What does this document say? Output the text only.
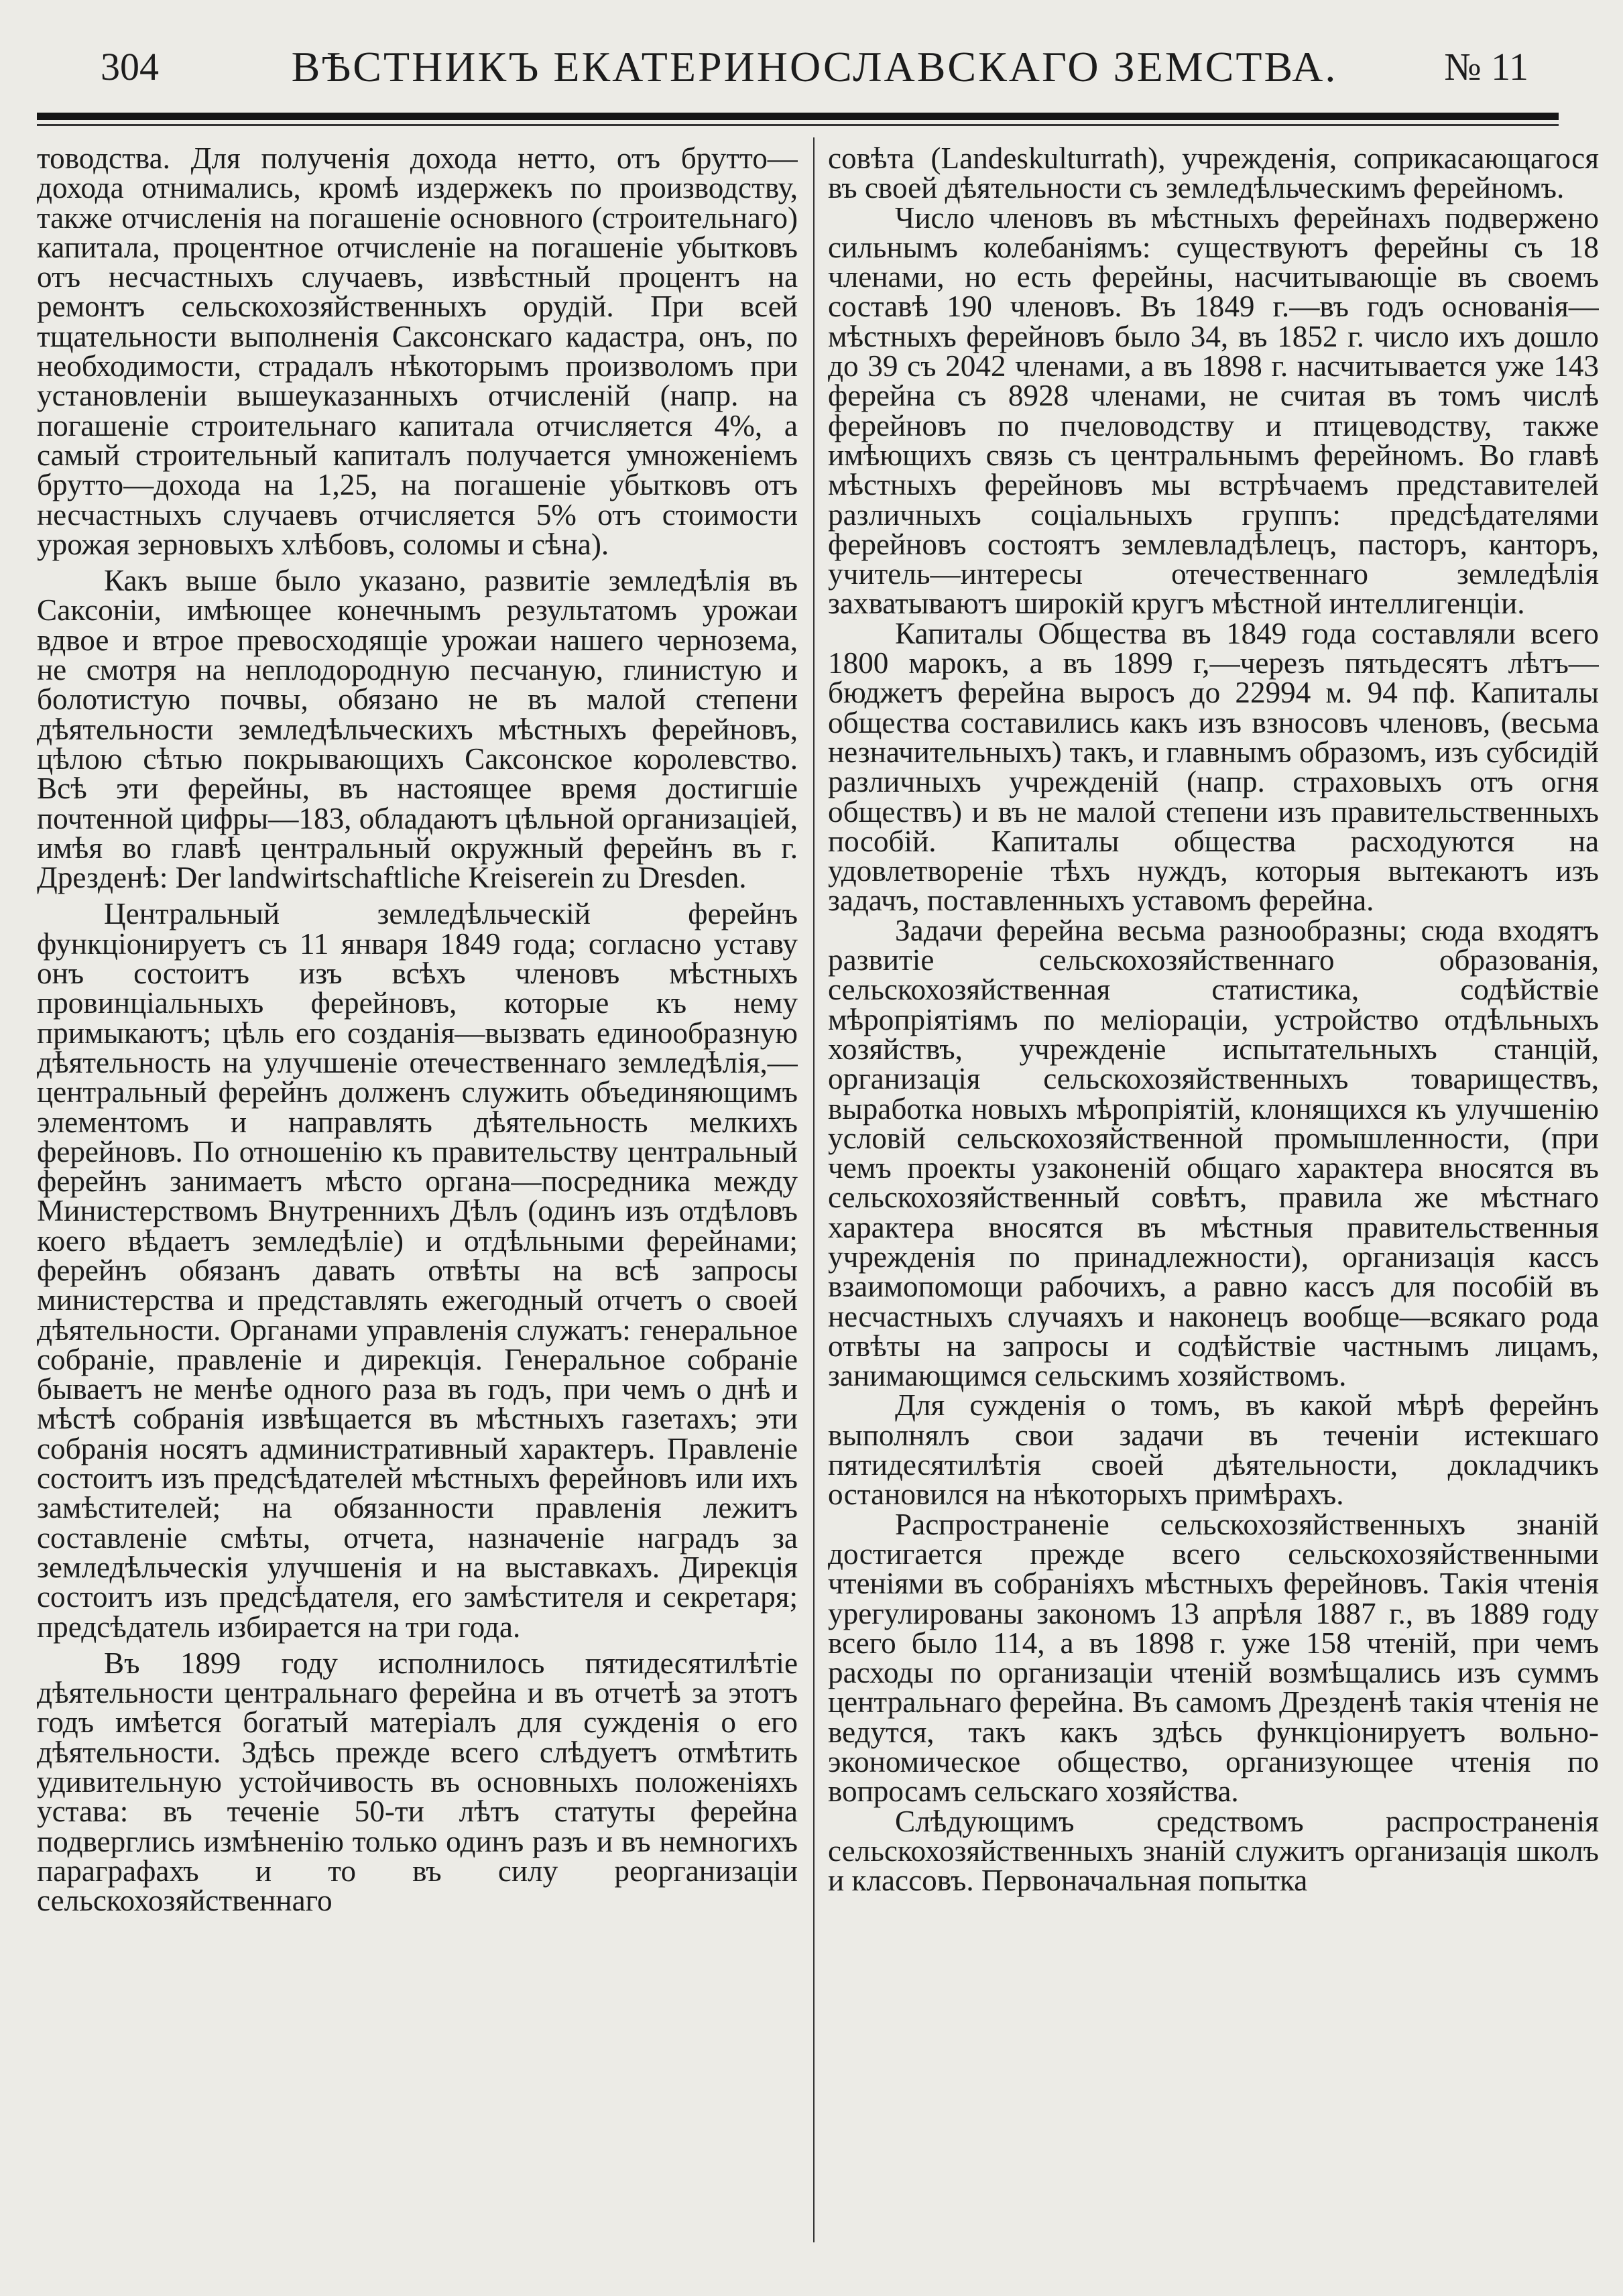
304	ВѢСТНИКЪ ЕКАТЕРИНОСЛАВСКАГО ЗЕМСТВА.	№ 11

товодства. Для полученія дохода нетто, отъ брутто—дохода отнимались, кромѣ издержекъ по производству, также отчисленія на погашеніе основного (строительнаго) капитала, процентное отчисленіе на погашеніе убытковъ отъ несчастныхъ случаевъ, извѣстный процентъ на ремонтъ сельскохозяйственныхъ орудій. При всей тщательности выполненія Саксонскаго кадастра, онъ, по необходимости, страдалъ нѣкоторымъ произволомъ при установленіи вышеуказанныхъ отчисленій (напр. на погашеніе строительнаго капитала отчисляется 4%, а самый строительный капиталъ получается умноженіемъ брутто—дохода на 1,25, на погашеніе убытковъ отъ несчастныхъ случаевъ отчисляется 5% отъ стоимости урожая зерновыхъ хлѣбовъ, соломы и сѣна).

Какъ выше было указано, развитіе земледѣлія въ Саксоніи, имѣющее конечнымъ результатомъ урожаи вдвое и втрое превосходящіе урожаи нашего чернозема, не смотря на неплодородную песчаную, глинистую и болотистую почвы, обязано не въ малой степени дѣятельности земледѣльческихъ мѣстныхъ ферейновъ, цѣлою сѣтью покрывающихъ Саксонское королевство. Всѣ эти ферейны, въ настоящее время достигшіе почтенной цифры—183, обладаютъ цѣльной организаціей, имѣя во главѣ центральный окружный ферейнъ въ г. Дрезденѣ: Der landwirtschaftliche Kreiserein zu Dresden.

Центральный земледѣльческій ферейнъ функціонируетъ съ 11 января 1849 года; согласно уставу онъ состоитъ изъ всѣхъ членовъ мѣстныхъ провинціальныхъ ферейновъ, которые къ нему примыкаютъ; цѣль его созданія—вызвать единообразную дѣятельность на улучшеніе отечественнаго земледѣлія,—центральный ферейнъ долженъ служить объединяющимъ элементомъ и направлять дѣятельность мелкихъ ферейновъ. По отношенію къ правительству центральный ферейнъ занимаетъ мѣсто органа—посредника между Министерствомъ Внутреннихъ Дѣлъ (одинъ изъ отдѣловъ коего вѣдаетъ земледѣліе) и отдѣльными ферейнами; ферейнъ обязанъ давать отвѣты на всѣ запросы министерства и представлять ежегодный отчетъ о своей дѣятельности. Органами управленія служатъ: генеральное собраніе, правленіе и дирекція. Генеральное собраніе бываетъ не менѣе одного раза въ годъ, при чемъ о днѣ и мѣстѣ собранія извѣщается въ мѣстныхъ газетахъ; эти собранія носятъ административный характеръ. Правленіе состоитъ изъ предсѣдателей мѣстныхъ ферейновъ или ихъ замѣстителей; на обязанности правленія лежитъ составленіе смѣты, отчета, назначеніе наградъ за земледѣльческія улучшенія и на выставкахъ. Дирекція состоитъ изъ предсѣдателя, его замѣстителя и секретаря; предсѣдатель избирается на три года.

Въ 1899 году исполнилось пятидесятилѣтіе дѣятельности центральнаго ферейна и въ отчетѣ за этотъ годъ имѣется богатый матеріалъ для сужденія о его дѣятельности. Здѣсь прежде всего слѣдуетъ отмѣтить удивительную устойчивость въ основныхъ положеніяхъ устава: въ теченіе 50-ти лѣтъ статуты ферейна подверглись измѣненію только одинъ разъ и въ немногихъ параграфахъ и то въ силу реорганизаціи сельскохозяйственнаго

совѣта (Landeskulturrath), учрежденія, соприкасающагося въ своей дѣятельности съ земледѣльческимъ ферейномъ.

Число членовъ въ мѣстныхъ ферейнахъ подвержено сильнымъ колебаніямъ: существуютъ ферейны съ 18 членами, но есть ферейны, насчитывающіе въ своемъ составѣ 190 членовъ. Въ 1849 г.—въ годъ основанія—мѣстныхъ ферейновъ было 34, въ 1852 г. число ихъ дошло до 39 съ 2042 членами, а въ 1898 г. насчитывается уже 143 ферейна съ 8928 членами, не считая въ томъ числѣ ферейновъ по пчеловодству и птицеводству, также имѣющихъ связь съ центральнымъ ферейномъ. Во главѣ мѣстныхъ ферейновъ мы встрѣчаемъ представителей различныхъ соціальныхъ группъ: предсѣдателями ферейновъ состоятъ землевладѣлецъ, пасторъ, канторъ, учитель—интересы отечественнаго земледѣлія захватываютъ широкій кругъ мѣстной интеллигенціи.

Капиталы Общества въ 1849 года составляли всего 1800 марокъ, а въ 1899 г,—черезъ пятьдесятъ лѣтъ—бюджетъ ферейна выросъ до 22994 м. 94 пф. Капиталы общества составились какъ изъ взносовъ членовъ, (весьма незначительныхъ) такъ, и главнымъ образомъ, изъ субсидій различныхъ учрежденій (напр. страховыхъ отъ огня обществъ) и въ не малой степени изъ правительственныхъ пособій. Капиталы общества расходуются на удовлетвореніе тѣхъ нуждъ, которыя вытекаютъ изъ задачъ, поставленныхъ уставомъ ферейна.

Задачи ферейна весьма разнообразны; сюда входятъ развитіе сельскохозяйственнаго образованія, сельскохозяйственная статистика, содѣйствіе мѣропріятіямъ по меліораціи, устройство отдѣльныхъ хозяйствъ, учрежденіе испытательныхъ станцій, организація сельскохозяйственныхъ товариществъ, выработка новыхъ мѣропріятій, клонящихся къ улучшенію условій сельскохозяйственной промышленности, (при чемъ проекты узаконеній общаго характера вносятся въ сельскохозяйственный совѣтъ, правила же мѣстнаго характера вносятся въ мѣстныя правительственныя учрежденія по принадлежности), организація кассъ взаимопомощи рабочихъ, а равно кассъ для пособій въ несчастныхъ случаяхъ и наконецъ вообще—всякаго рода отвѣты на запросы и содѣйствіе частнымъ лицамъ, занимающимся сельскимъ хозяйствомъ.

Для сужденія о томъ, въ какой мѣрѣ ферейнъ выполнялъ свои задачи въ теченіи истекшаго пятидесятилѣтія своей дѣятельности, докладчикъ остановился на нѣкоторыхъ примѣрахъ.

Распространеніе сельскохозяйственныхъ знаній достигается прежде всего сельскохозяйственными чтеніями въ собраніяхъ мѣстныхъ ферейновъ. Такія чтенія урегулированы закономъ 13 апрѣля 1887 г., въ 1889 году всего было 114, а въ 1898 г. уже 158 чтеній, при чемъ расходы по организаціи чтеній возмѣщались изъ суммъ центральнаго ферейна. Въ самомъ Дрезденѣ такія чтенія не ведутся, такъ какъ здѣсь функціонируетъ вольно-экономическое общество, организующее чтенія по вопросамъ сельскаго хозяйства.

Слѣдующимъ средствомъ распространенія сельскохозяйственныхъ знаній служитъ организація школъ и классовъ. Первоначальная попытка
